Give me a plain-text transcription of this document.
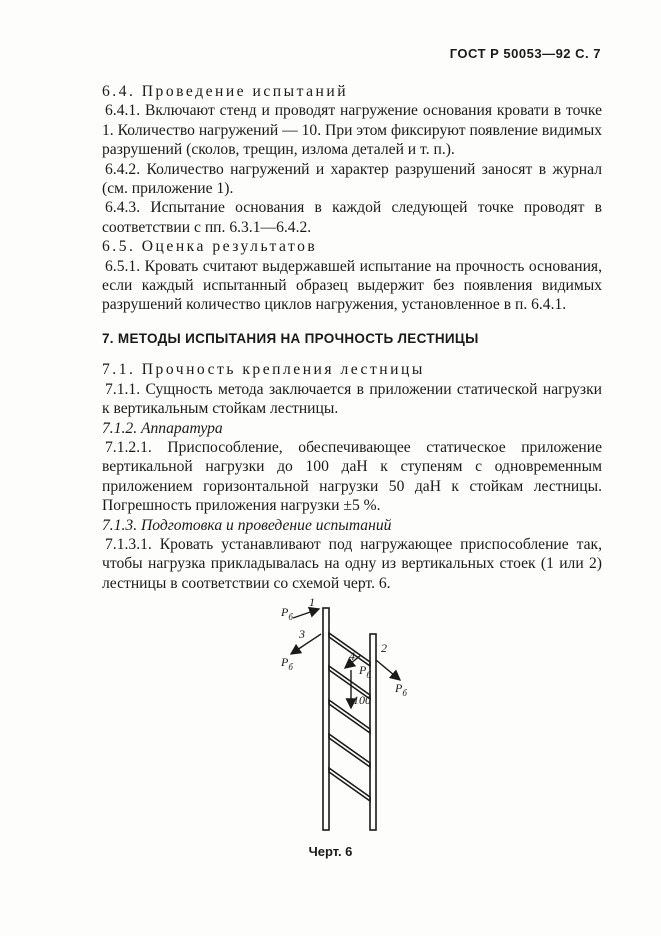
ГОСТ Р 50053—92 С. 7

6.4. Проведение испытаний

6.4.1. Включают стенд и проводят нагружение основания кровати в точке 1. Количество нагружений — 10. При этом фиксируют появление видимых разрушений (сколов, трещин, излома деталей и т. п.).

6.4.2. Количество нагружений и характер разрушений заносят в журнал (см. приложение 1).

6.4.3. Испытание основания в каждой следующей точке проводят в соответствии с пп. 6.3.1—6.4.2.

6.5. Оценка результатов

6.5.1. Кровать считают выдержавшей испытание на прочность основания, если каждый испытанный образец выдержит без появления видимых разрушений количество циклов нагружения, установленное в п. 6.4.1.

7. МЕТОДЫ ИСПЫТАНИЯ НА ПРОЧНОСТЬ ЛЕСТНИЦЫ

7.1. Прочность крепления лестницы

7.1.1. Сущность метода заключается в приложении статической нагрузки к вертикальным стойкам лестницы.

7.1.2. Аппаратура

7.1.2.1. Приспособление, обеспечивающее статическое приложение вертикальной нагрузки до 100 даН к ступеням с одновременным приложением горизонтальной нагрузки 50 даН к стойкам лестницы. Погрешность приложения нагрузки ±5 %.

7.1.3. Подготовка и проведение испытаний

7.1.3.1. Кровать устанавливают под нагружающее приспособление так, чтобы нагрузка прикладывалась на одну из вертикальных стоек (1 или 2) лестницы в соответствии со схемой черт. 6.

1
$P_б$
3
$P_б$
2
$P_б$
4
$P_б$
100
Черт. 6
